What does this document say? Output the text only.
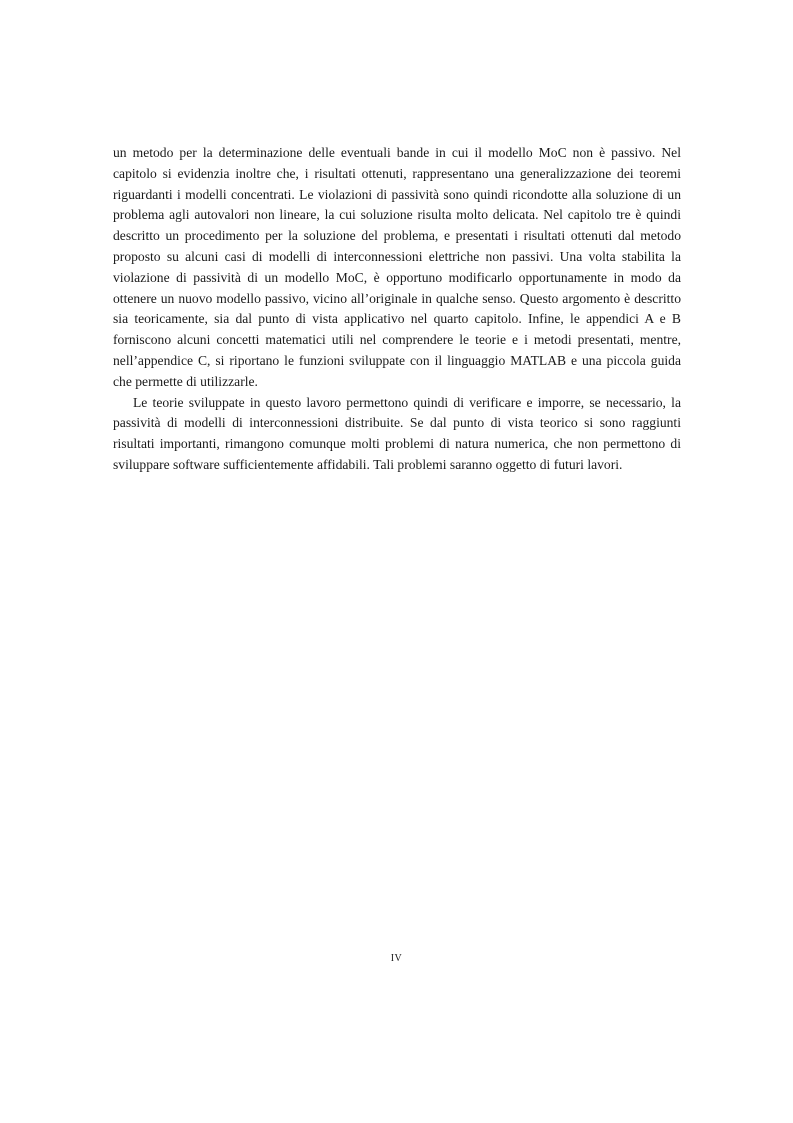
un metodo per la determinazione delle eventuali bande in cui il modello MoC non è passivo. Nel capitolo si evidenzia inoltre che, i risultati ottenuti, rappresentano una generalizzazione dei teoremi riguardanti i modelli concentrati. Le violazioni di passività sono quindi ricondotte alla soluzione di un problema agli autovalori non lineare, la cui soluzione risulta molto delicata. Nel capitolo tre è quindi descritto un procedimento per la soluzione del problema, e presentati i risultati ottenuti dal metodo proposto su alcuni casi di modelli di interconnessioni elettriche non passivi. Una volta stabilita la violazione di passività di un modello MoC, è opportuno modificarlo opportunamente in modo da ottenere un nuovo modello passivo, vicino all’originale in qualche senso. Questo argomento è descritto sia teoricamente, sia dal punto di vista applicativo nel quarto capitolo. Infine, le appendici A e B forniscono alcuni concetti matematici utili nel comprendere le teorie e i metodi presentati, mentre, nell’appendice C, si riportano le funzioni sviluppate con il linguaggio MATLAB e una piccola guida che permette di utilizzarle.

Le teorie sviluppate in questo lavoro permettono quindi di verificare e imporre, se necessario, la passività di modelli di interconnessioni distribuite. Se dal punto di vista teorico si sono raggiunti risultati importanti, rimangono comunque molti problemi di natura numerica, che non permettono di sviluppare software sufficientemente affidabili. Tali problemi saranno oggetto di futuri lavori.

IV
